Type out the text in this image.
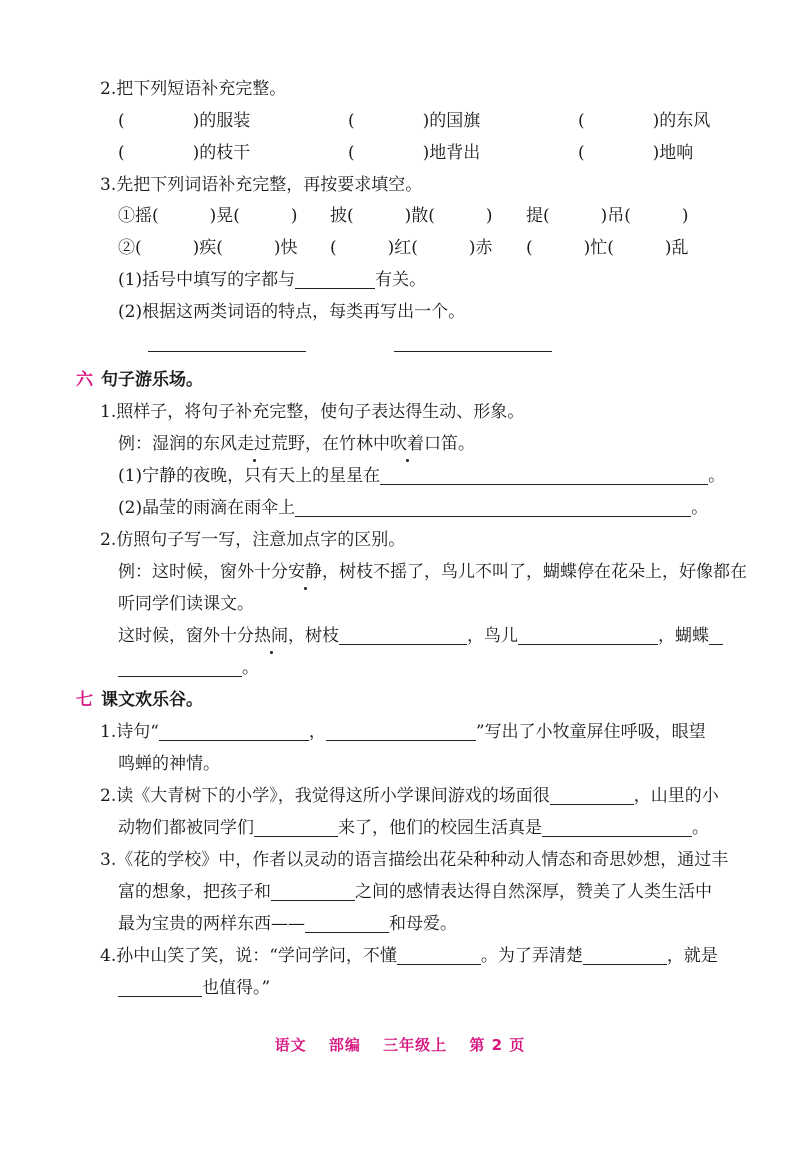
2.把下列短语补充完整。
(　　　　)的服装	(　　　　)的国旗	(　　　　)的东风
(　　　　)的枝干	(　　　　)地背出	(　　　　)地响
3.先把下列词语补充完整，再按要求填空。
①摇(　　　)晃(　　　) 披(　　　)散(　　　) 提(　　　)吊(　　　)
②(　　　)疾(　　　)快 (　　　)红(　　　)赤 (　　　)忙(　　　)乱
(1)括号中填写的字都与	有关。
(2)根据这两类词语的特点，每类再写出一个。
六 句子游乐场。
1.照样子，将句子补充完整，使句子表达得生动、形象。
例：湿润的东风走过荒野，在竹林中吹着口笛。
(1)宁静的夜晚，只有天上的星星在	。
(2)晶莹的雨滴在雨伞上	。
2.仿照句子写一写，注意加点字的区别。
例：这时候，窗外十分安静，树枝不摇了，鸟儿不叫了，蝴蝶停在花朵上，好像都在
听同学们读课文。
这时候，窗外十分热闹，树枝	，鸟儿	，蝴蝶
。
七 课文欢乐谷。
1.诗句“	，	”写出了小牧童屏住呼吸，眼望
鸣蝉的神情。
2.读《大青树下的小学》，我觉得这所小学课间游戏的场面很	，山里的小
动物们都被同学们	来了，他们的校园生活真是	。
3.《花的学校》中，作者以灵动的语言描绘出花朵种种动人情态和奇思妙想，通过丰
富的想象，把孩子和	之间的感情表达得自然深厚，赞美了人类生活中
最为宝贵的两样东西——	和母爱。
4.孙中山笑了笑，说：“学问学问，不懂	。为了弄清楚	，就是
也值得。”
语文 部编 三年级上 第 2 页
